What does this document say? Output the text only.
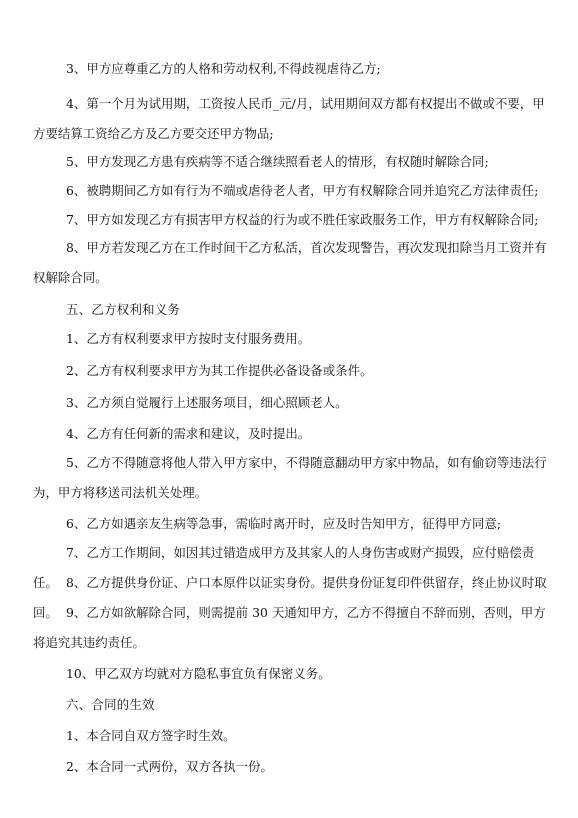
3、甲方应尊重乙方的人格和劳动权利,不得歧视虐待乙方;

4、第一个月为试用期，工资按人民币_元/月，试用期间双方都有权提出不做或不要，甲方要结算工资给乙方及乙方要交还甲方物品;

5、甲方发现乙方患有疾病等不适合继续照看老人的情形，有权随时解除合同;

6、被聘期间乙方如有行为不端或虐待老人者，甲方有权解除合同并追究乙方法律责任;

7、甲方如发现乙方有损害甲方权益的行为或不胜任家政服务工作，甲方有权解除合同;

8、甲方若发现乙方在工作时间干乙方私活，首次发现警告，再次发现扣除当月工资并有权解除合同。

五、乙方权利和义务

1、乙方有权利要求甲方按时支付服务费用。

2、乙方有权利要求甲方为其工作提供必备设备或条件。

3、乙方须自觉履行上述服务项目，细心照顾老人。

4、乙方有任何新的需求和建议，及时提出。

5、乙方不得随意将他人带入甲方家中，不得随意翻动甲方家中物品，如有偷窃等违法行为，甲方将移送司法机关处理。

6、乙方如遇亲友生病等急事，需临时离开时，应及时告知甲方，征得甲方同意;

7、乙方工作期间，如因其过错造成甲方及其家人的人身伤害或财产损毁，应付赔偿责任。 8、乙方提供身份证、户口本原件以证实身份。提供身份证复印件供留存，终止协议时取回。 9、乙方如欲解除合同，则需提前 30 天通知甲方，乙方不得擅自不辞而别，否则，甲方将追究其违约责任。

10、甲乙双方均就对方隐私事宜负有保密义务。

六、合同的生效

1、本合同自双方签字时生效。

2、本合同一式两份，双方各执一份。
